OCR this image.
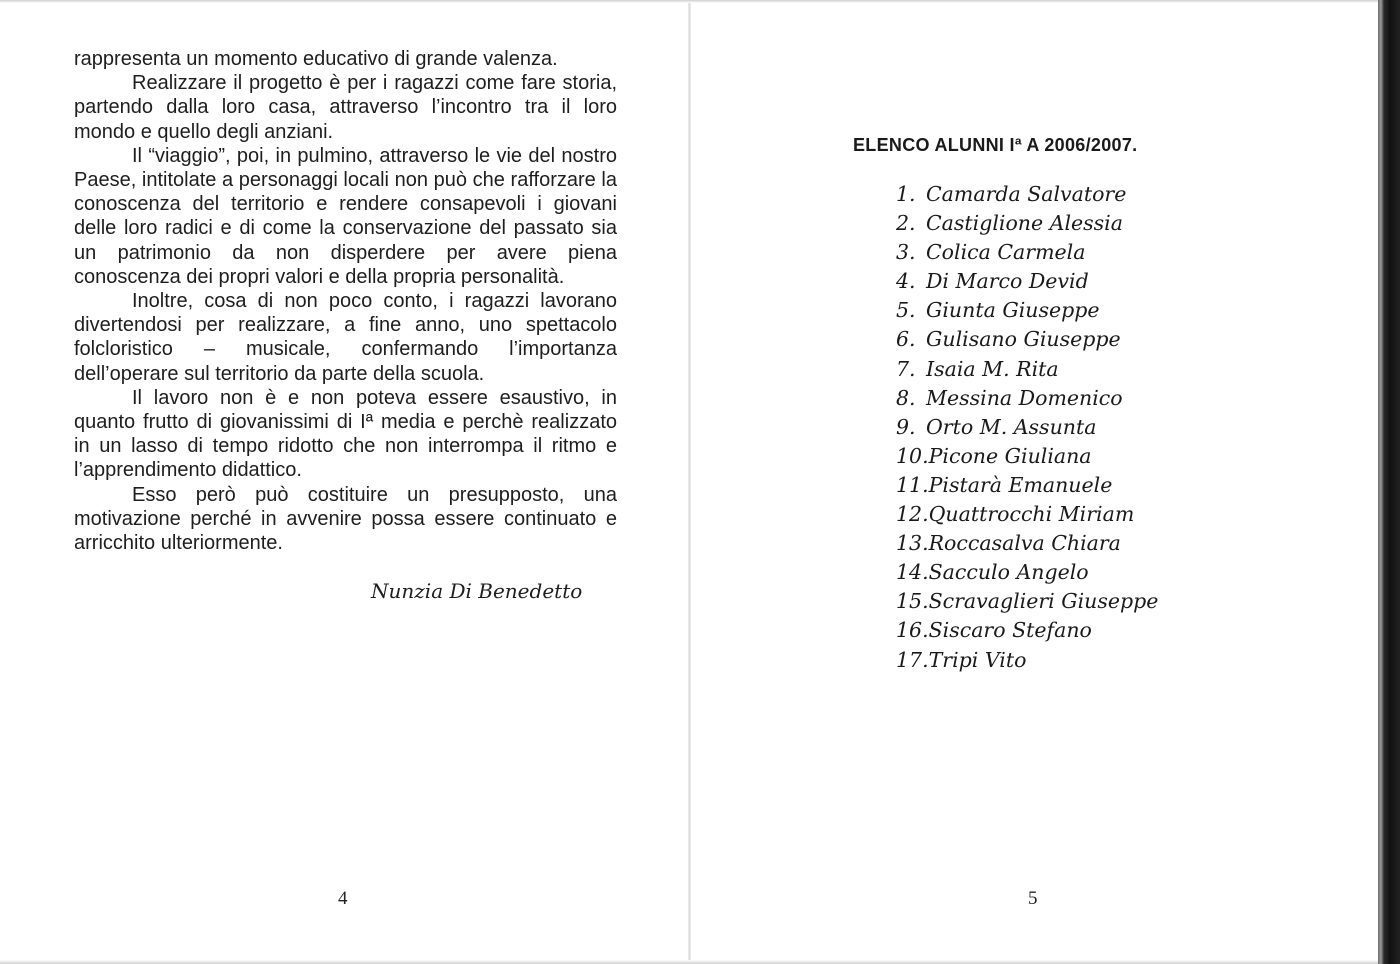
rappresenta un momento educativo di grande valenza.

Realizzare il progetto è per i ragazzi come fare storia, partendo dalla loro casa, attraverso l’incontro tra il loro mondo e quello degli anziani.

Il “viaggio”, poi, in pulmino, attraverso le vie del nostro Paese, intitolate a personaggi locali non può che rafforzare la conoscenza del territorio e rendere consapevoli i giovani delle loro radici e di come la conservazione del passato sia un patrimonio da non disperdere per avere piena conoscenza dei propri valori e della propria personalità.

Inoltre, cosa di non poco conto, i ragazzi lavorano divertendosi per realizzare, a fine anno, uno spettacolo folcloristico – musicale, confermando l’importanza dell’operare sul territorio da parte della scuola.

Il lavoro non è e non poteva essere esaustivo, in quanto frutto di giovanissimi di Iª media e perchè realizzato in un lasso di tempo ridotto che non interrompa il ritmo e l’apprendimento didattico.

Esso però può costituire un presupposto, una motivazione perché in avvenire possa essere continuato e arricchito ulteriormente.

Nunzia Di Benedetto
4
ELENCO ALUNNI Iª A 2006/2007.
1. Camarda Salvatore
2. Castiglione Alessia
3. Colica Carmela
4. Di Marco Devid
5. Giunta Giuseppe
6. Gulisano Giuseppe
7. Isaia M. Rita
8. Messina Domenico
9. Orto M. Assunta
10.Picone Giuliana
11.Pistarà Emanuele
12.Quattrocchi Miriam
13.Roccasalva Chiara
14.Sacculo Angelo
15.Scravaglieri Giuseppe
16.Siscaro Stefano
17.Tripi Vito
5
